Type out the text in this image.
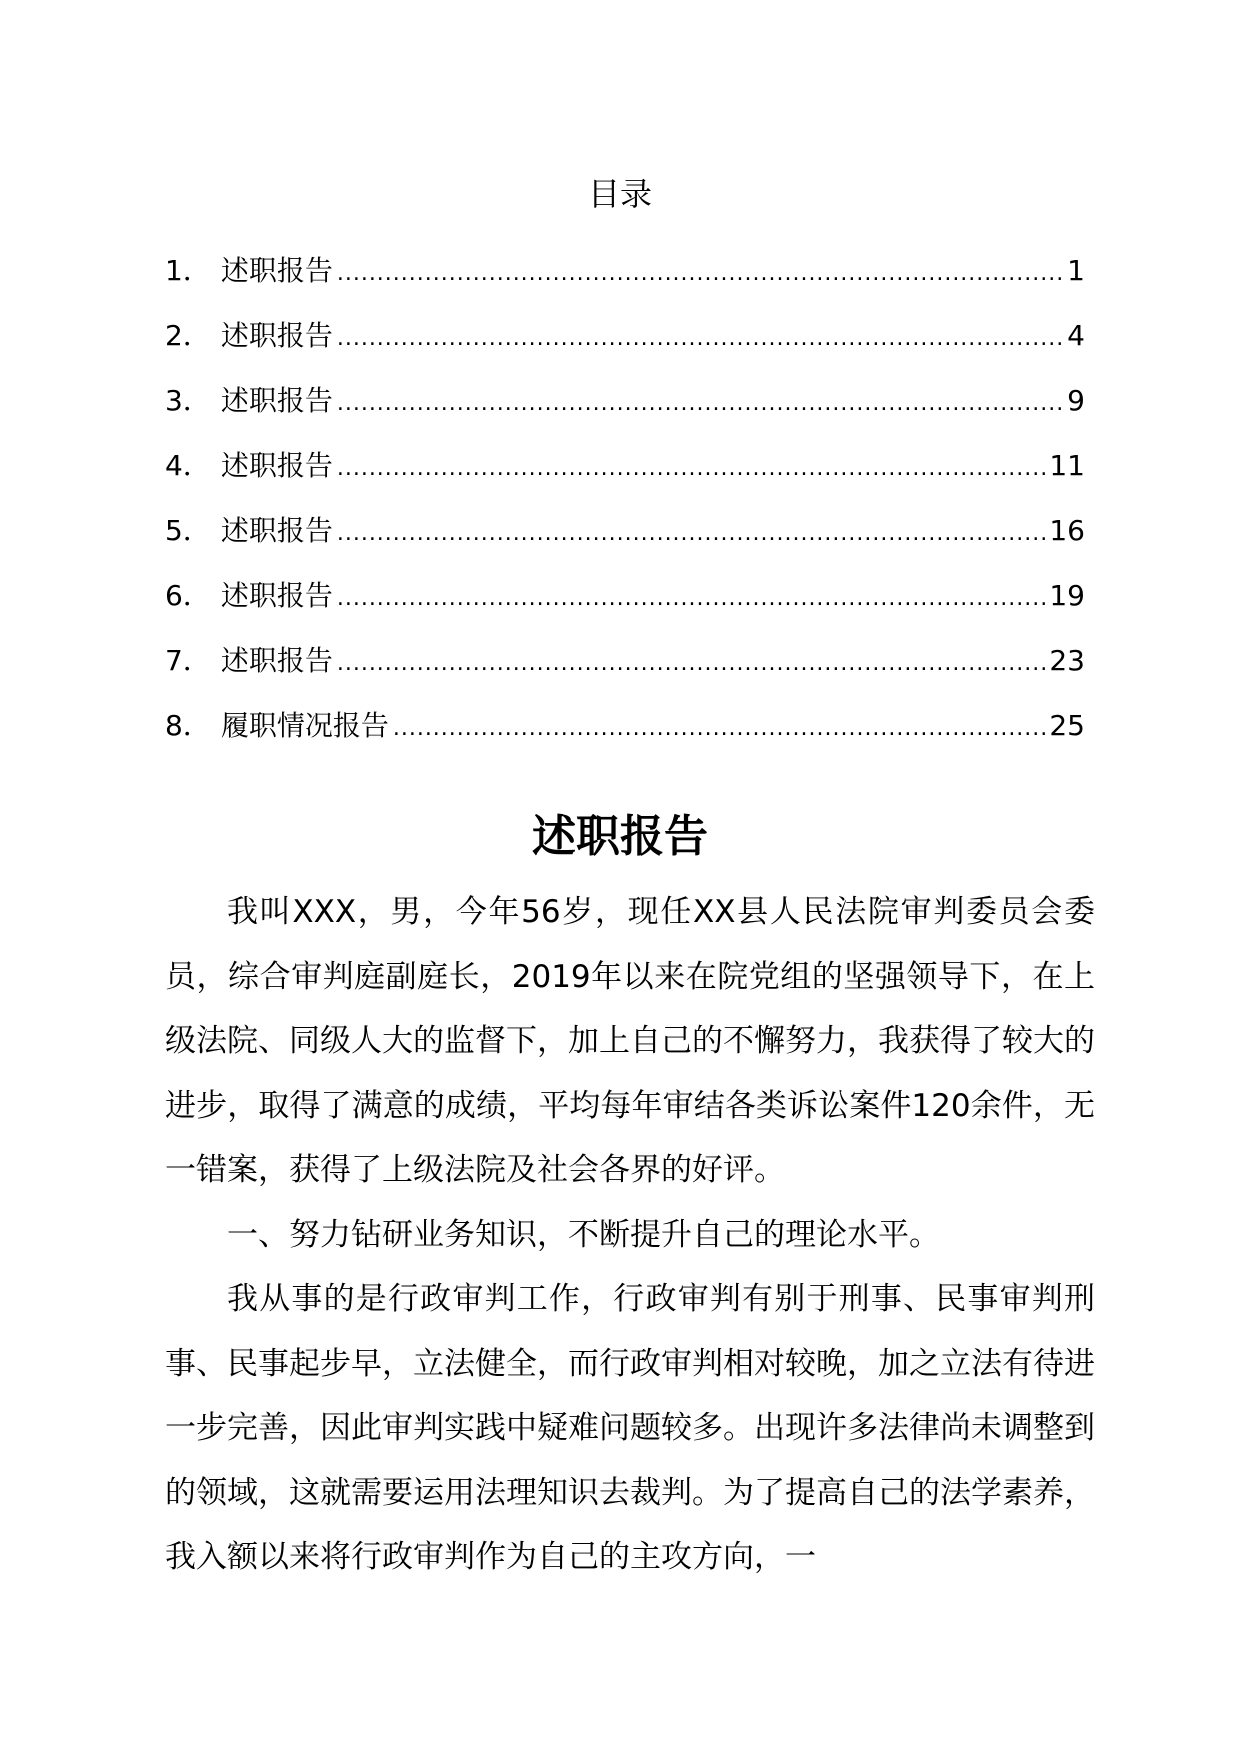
目录
1． 述职报告 .....	1
2． 述职报告 .....	4
3． 述职报告 .....	9
4． 述职报告 .....	11
5． 述职报告 .....	16
6． 述职报告 .....	19
7． 述职报告 .....	23
8． 履职情况报告 .....	25
述职报告

我叫XXX，男，今年56岁，现任XX县人民法院审判委员会委员，综合审判庭副庭长，2019年以来在院党组的坚强领导下，在上级法院、同级人大的监督下，加上自己的不懈努力，我获得了较大的进步，取得了满意的成绩，平均每年审结各类诉讼案件120余件，无一错案，获得了上级法院及社会各界的好评。

一、努力钻研业务知识，不断提升自己的理论水平。

我从事的是行政审判工作，行政审判有别于刑事、民事审判刑事、民事起步早，立法健全，而行政审判相对较晚，加之立法有待进一步完善，因此审判实践中疑难问题较多。出现许多法律尚未调整到的领域，这就需要运用法理知识去裁判。为了提高自己的法学素养，我入额以来将行政审判作为自己的主攻方向，一
